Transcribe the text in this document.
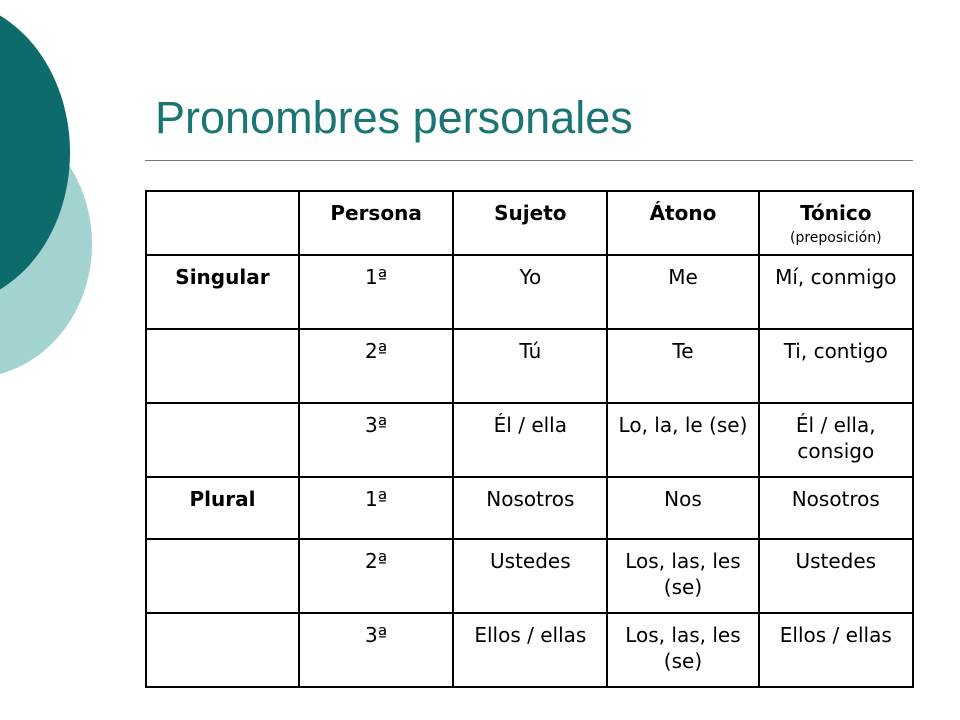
Pronombres personales
	Persona	Sujeto	Átono	Tónico
(preposición)

Singular	1ª	Yo	Me	Mí, conmigo
	2ª	Tú	Te	Ti, contigo
	3ª	Él / ella	Lo, la, le (se)	Él / ella, consigo
Plural	1ª	Nosotros	Nos	Nosotros
	2ª	Ustedes	Los, las, les (se)	Ustedes
	3ª	Ellos / ellas	Los, las, les (se)	Ellos / ellas
